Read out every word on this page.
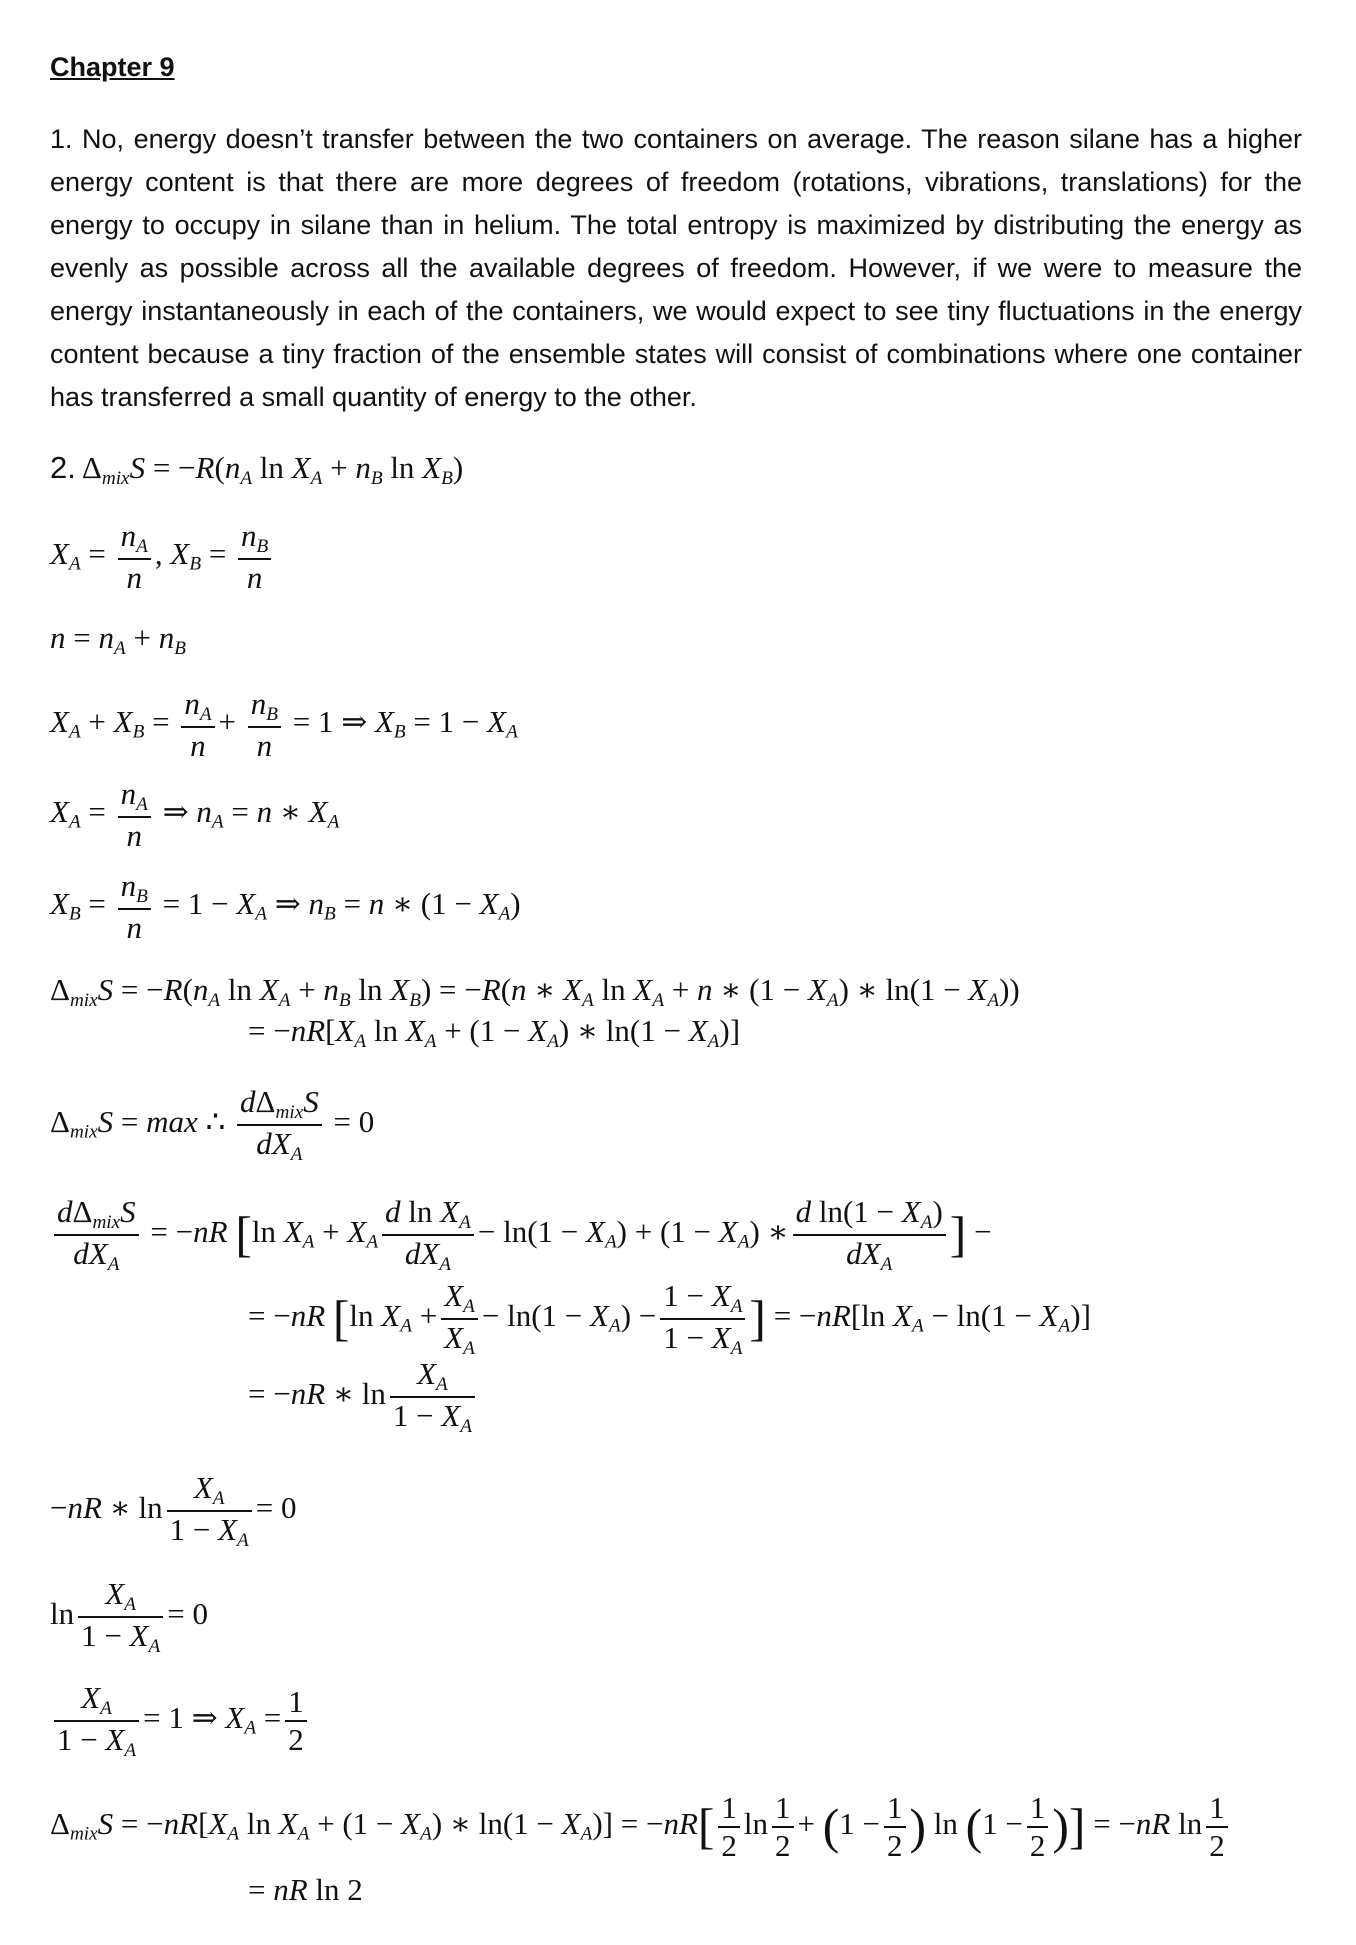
Chapter 9
1. No, energy doesn’t transfer between the two containers on average. The reason silane has a higher energy content is that there are more degrees of freedom (rotations, vibrations, translations) for the energy to occupy in silane than in helium. The total entropy is maximized by distributing the energy as evenly as possible across all the available degrees of freedom. However, if we were to measure the energy instantaneously in each of the containers, we would expect to see tiny fluctuations in the energy content because a tiny fraction of the ensemble states will consist of combinations where one container has transferred a small quantity of energy to the other.
2. $\Delta_{mix}S = -R(n_A$ $\ln X_A + n_B$ $\ln X_B$)
$X_A = \frac{n_A}{n}$ , $X_B = \frac{n_B}{n}$
$n = n_A + n_B$
$X_A + X_B = \frac{n_A}{n} + \frac{n_B}{n} = 1$ ⇒ $X_B = 1 - X_A$
$X_A = \frac{n_A}{n}$ ⇒ $n_A = n$ ∗ $X_A$
$X_B = \frac{n_B}{n} = 1 - X_A$ ⇒ $n_B = n$ ∗ $(1 - X_A)$
$\Delta_{mix}S = -R(n_A$ $\ln X_A + n_B$ $\ln X_B) = -R(n$ ∗ $X_A$ $\ln X_A + n$ ∗ $(1 - X_A)$ ∗ $\ln(1 - X_A)$)
= $-nR[X_A$ $\ln X_A + (1 - X_A)$ ∗ $\ln(1 - X_A)$]
$\Delta_{mix}S = \max$ ∴ $\frac{d\Delta_{mix}S}{dX_A} = 0$
$\frac{d\Delta_{mix}S}{dX_A} = -nR$ [ln $X_A + X_A \frac{d \ln X_A}{dX_A} - \ln(1 - X_A) + (1 - X_A)$ ∗ $\frac{d \ln(1 - X_A)}{dX_A}$ ] −
= −nR [ln $X_A + \frac{X_A}{X_A} - \ln(1 - X_A) - \frac{1 - X_A}{1 - X_A}$ ] = −nR[ln $X_A - \ln(1 - X_A)$]
= −nR ∗ $\ln \frac{X_A}{1 - X_A}$
−nR ∗ $\ln \frac{X_A}{1 - X_A} = 0$
$\ln \frac{X_A}{1 - X_A} = 0$
$\frac{X_A}{1 - X_A} = 1$ ⇒ $X_A = \frac{1}{2}$
$\Delta_{mix}S = -nR[X_A$ $\ln X_A + (1 - X_A)$ ∗ $\ln(1 - X_A)] = -nR[ \frac{1}{2}$ $\ln \frac{1}{2} + (1 - \frac{1}{2}$ ) $\ln (1 - \frac{1}{2}$ )] = −nR $\ln \frac{1}{2}$
= nR ln 2
